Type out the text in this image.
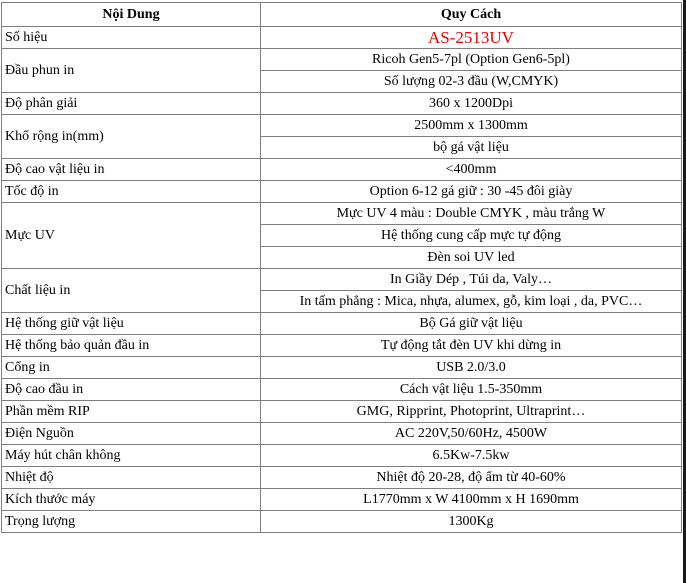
Nội Dung	Quy Cách
Số hiệu	AS-2513UV
Đầu phun in	Ricoh Gen5-7pl (Option Gen6-5pl)
	Số lượng 02-3 đầu (W,CMYK)
Độ phân giải	360 x 1200Dpi
Khổ rộng in(mm)	2500mm x 1300mm
	bộ gá vật liệu
Độ cao vật liệu in	<400mm
Tốc độ in	Option 6-12 gá giữ : 30 -45 đôi giày
Mực UV	Mực UV 4 màu : Double CMYK , màu trắng W
	Hệ thống cung cấp mực tự động
	Đèn soi UV led
Chất liệu in	In Giầy Dép , Túi da, Valy…
	In tấm phẳng : Mica, nhựa, alumex, gỗ, kim loại , da, PVC…
Hệ thống giữ vật liệu	Bộ Gá giữ vật liệu
Hệ thống bảo quản đầu in	Tự động tắt đèn UV khi dừng in
Cổng in	USB 2.0/3.0
Độ cao đầu in	Cách vật liệu 1.5-350mm
Phần mềm RIP	GMG, Ripprint, Photoprint, Ultraprint…
Điện Nguồn	AC 220V,50/60Hz, 4500W
Máy hút chân không	6.5Kw-7.5kw
Nhiệt độ	Nhiệt độ 20-28, độ ẩm từ 40-60%
Kích thước máy	L1770mm x W 4100mm x H 1690mm
Trọng lượng	1300Kg
